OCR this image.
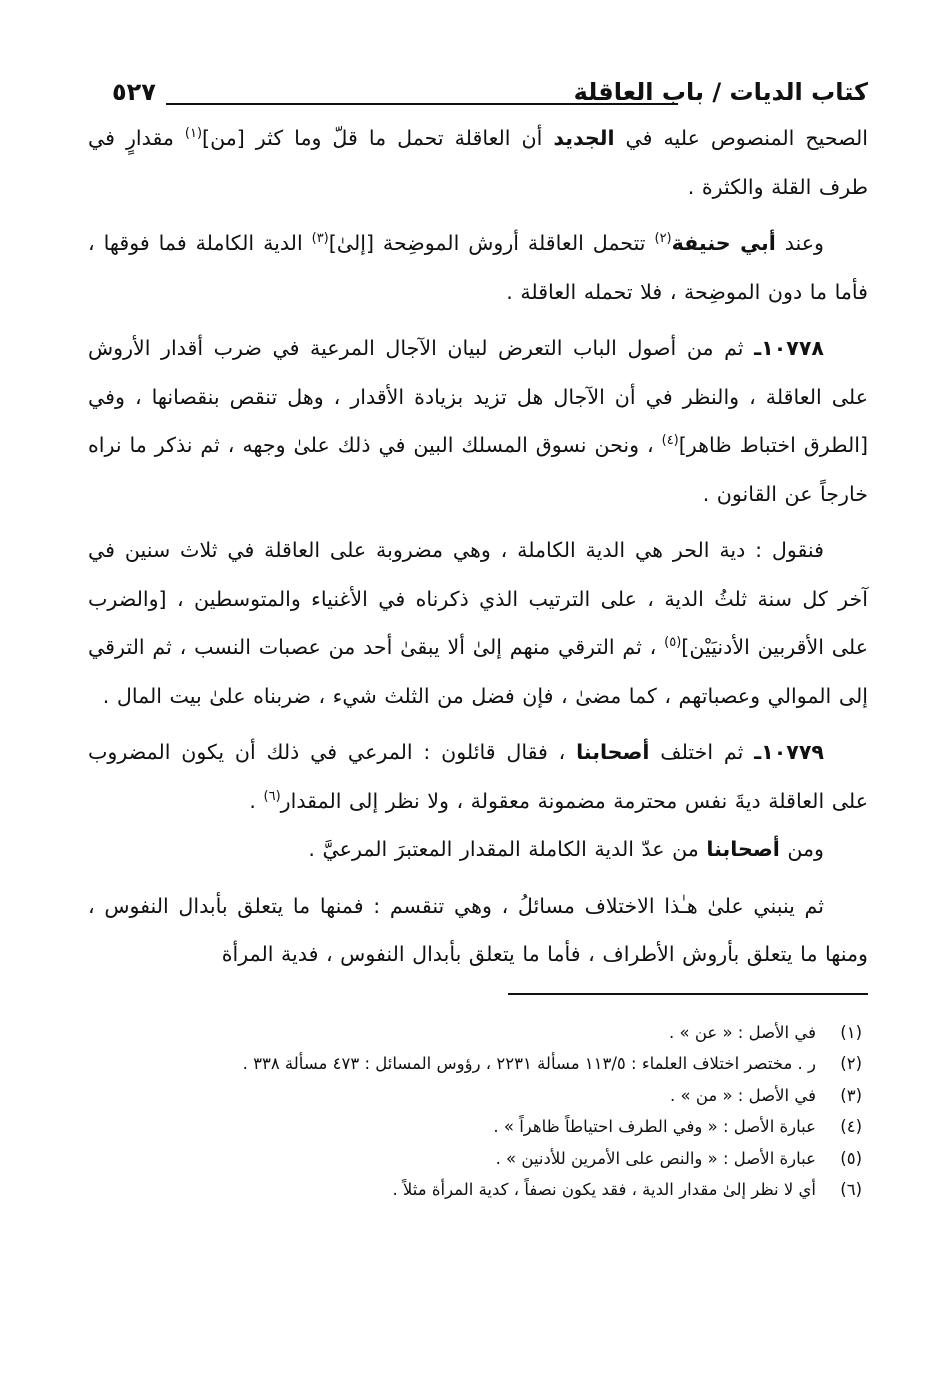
كتاب الديات / باب العاقلة
٥٢٧

الصحيح المنصوص عليه في الجديد أن العاقلة تحمل ما قلّ وما كثر [من]$^{(١)}$ مقدارٍ في طرف القلة والكثرة .

وعند أبي حنيفة$^{(٢)}$ تتحمل العاقلة أروش الموضِحة [إلىٰ]$^{(٣)}$ الدية الكاملة فما فوقها ، فأما ما دون الموضِحة ، فلا تحمله العاقلة .

١٠٧٧٨ـ ثم من أصول الباب التعرض لبيان الآجال المرعية في ضرب أقدار الأروش على العاقلة ، والنظر في أن الآجال هل تزيد بزيادة الأقدار ، وهل تنقص بنقصانها ، وفي [الطرق اختباط ظاهر]$^{(٤)}$ ، ونحن نسوق المسلك البين في ذلك علىٰ وجهه ، ثم نذكر ما نراه خارجاً عن القانون .

فنقول : دية الحر هي الدية الكاملة ، وهي مضروبة على العاقلة في ثلاث سنين في آخر كل سنة ثلثُ الدية ، على الترتيب الذي ذكرناه في الأغنياء والمتوسطين ، [والضرب على الأقربين الأدنيَيْن]$^{(٥)}$ ، ثم الترقي منهم إلىٰ ألا يبقىٰ أحد من عصبات النسب ، ثم الترقي إلى الموالي وعصباتهم ، كما مضىٰ ، فإن فضل من الثلث شيء ، ضربناه علىٰ بيت المال .

١٠٧٧٩ـ ثم اختلف أصحابنا ، فقال قائلون : المرعي في ذلك أن يكون المضروب على العاقلة ديةَ نفس محترمة مضمونة معقولة ، ولا نظر إلى المقدار$^{(٦)}$ .

ومن أصحابنا من عدّ الدية الكاملة المقدار المعتبرَ المرعيَّ .

ثم ينبني علىٰ هـٰذا الاختلاف مسائلُ ، وهي تنقسم : فمنها ما يتعلق بأبدال النفوس ، ومنها ما يتعلق بأروش الأطراف ، فأما ما يتعلق بأبدال النفوس ، فدية المرأة

(١)
في الأصل : « عن » .
(٢)
ر . مختصر اختلاف العلماء : ١١٣/٥ مسألة ٢٢٣١ ، رؤوس المسائل : ٤٧٣ مسألة ٣٣٨ .
(٣)
في الأصل : « من » .
(٤)
عبارة الأصل : « وفي الطرف احتياطاً ظاهراً » .
(٥)
عبارة الأصل : « والنص على الأمرين للأدنين » .
(٦)
أي لا نظر إلىٰ مقدار الدية ، فقد يكون نصفاً ، كدية المرأة مثلاً .
